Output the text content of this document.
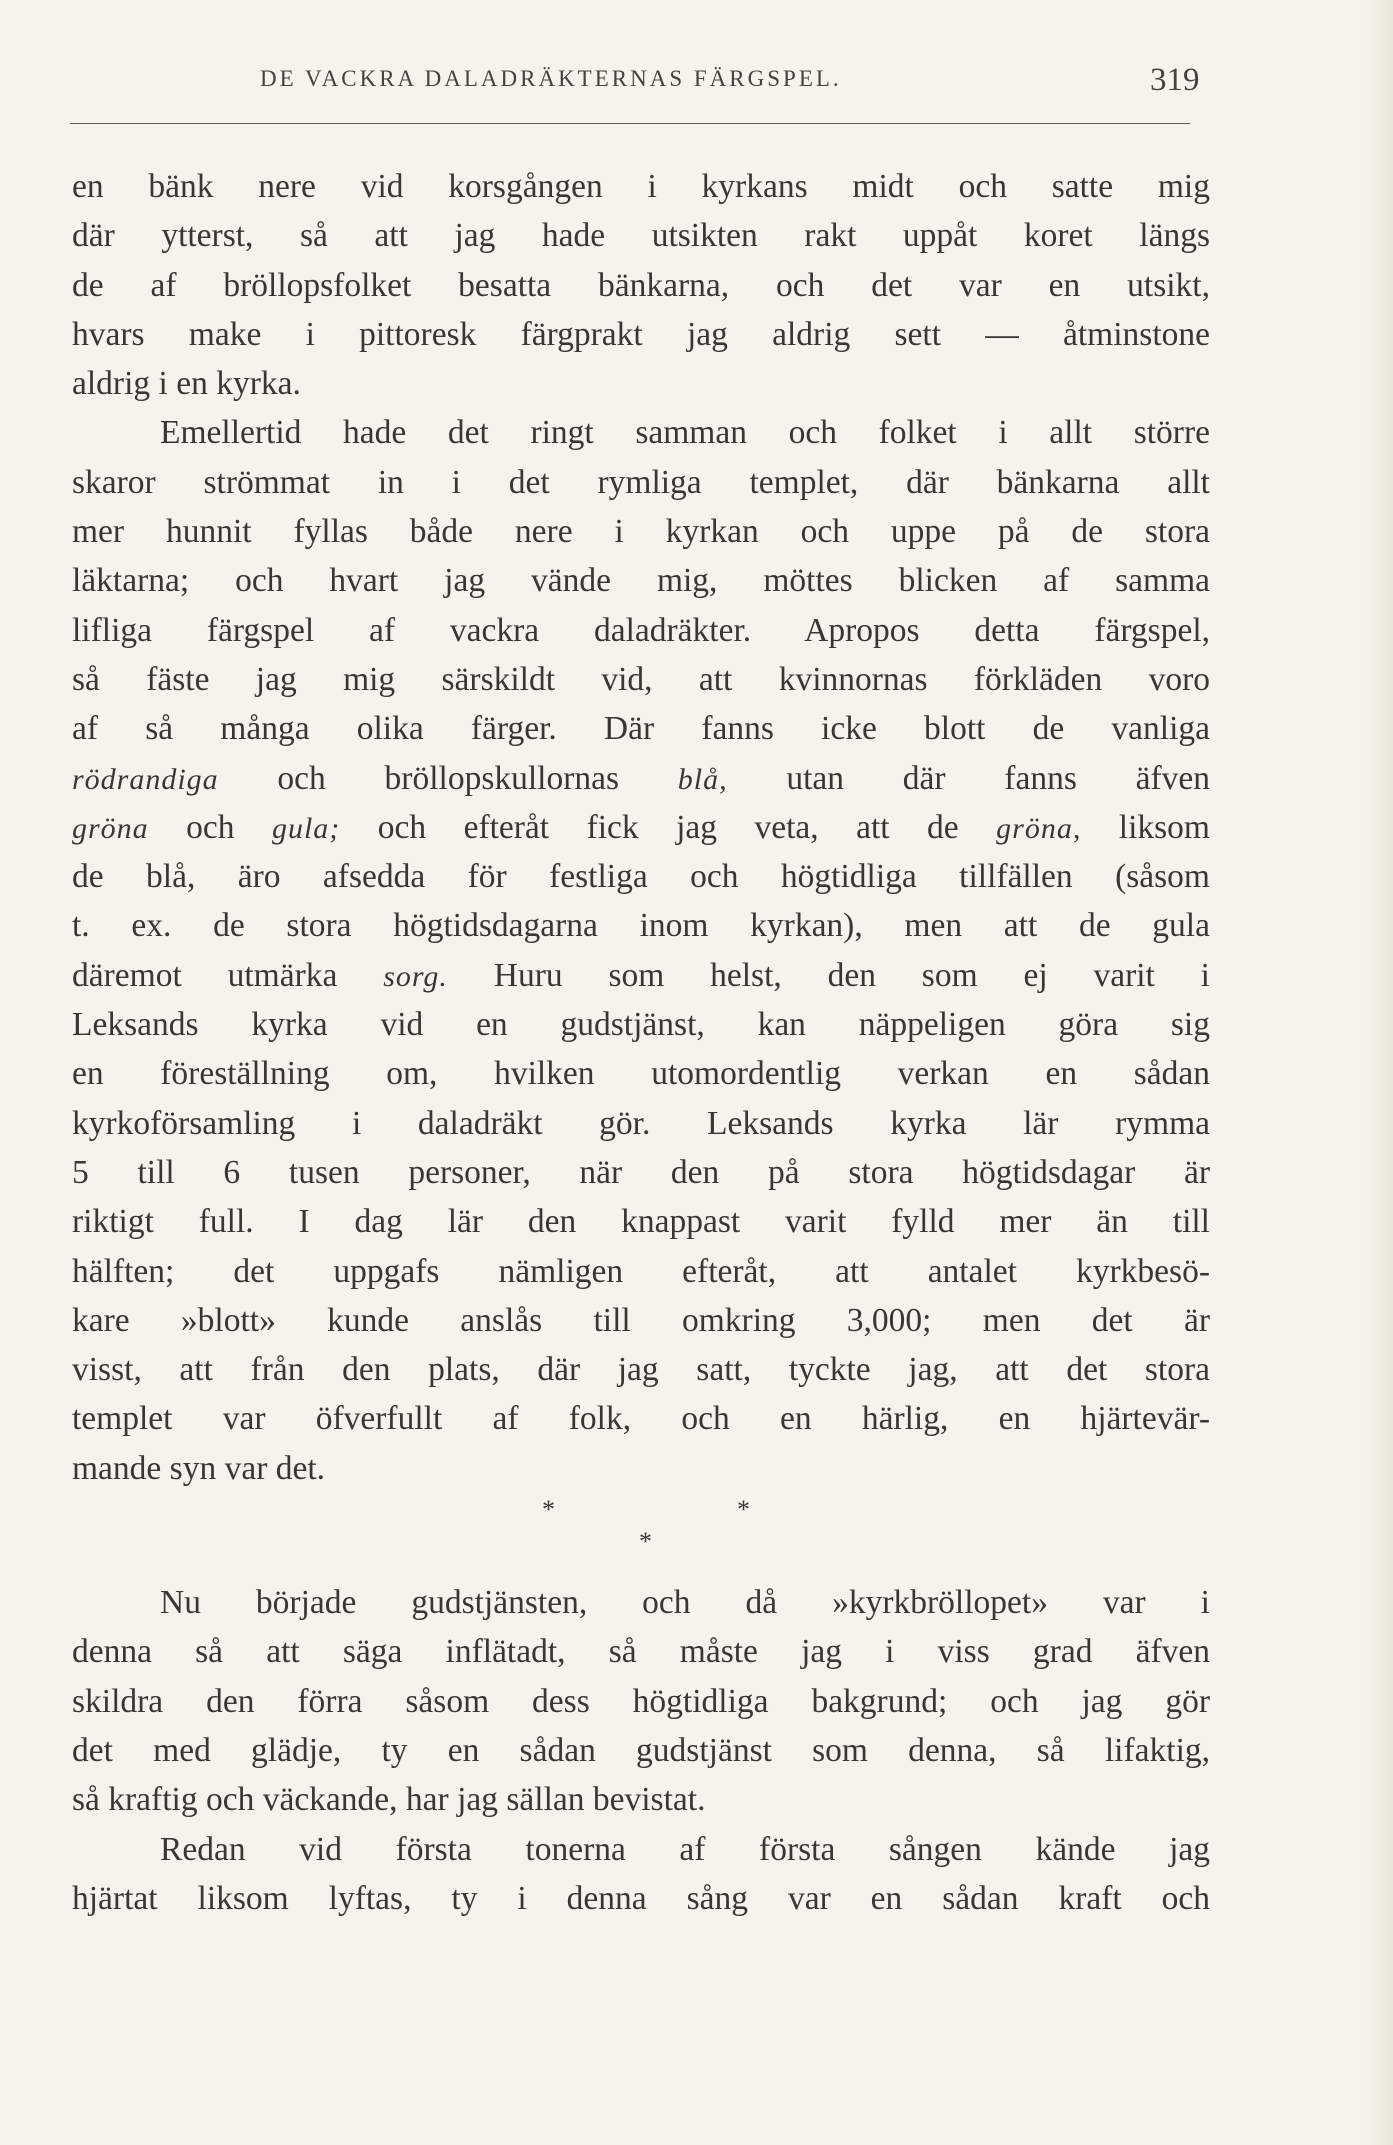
DE VACKRA DALADRÄKTERNAS FÄRGSPEL.	319
en bänk nere vid korsgången i kyrkans midt och satte mig
där ytterst, så att jag hade utsikten rakt uppåt koret längs
de af bröllopsfolket besatta bänkarna, och det var en utsikt,
hvars make i pittoresk färgprakt jag aldrig sett — åtminstone
aldrig i en kyrka.
Emellertid hade det ringt samman och folket i allt större
skaror strömmat in i det rymliga templet, där bänkarna allt
mer hunnit fyllas både nere i kyrkan och uppe på de stora
läktarna; och hvart jag vände mig, möttes blicken af samma
lifliga färgspel af vackra daladräkter. Apropos detta färgspel,
så fäste jag mig särskildt vid, att kvinnornas förkläden voro
af så många olika färger. Där fanns icke blott de vanliga
rödrandiga och bröllopskullornas blå, utan där fanns äfven
gröna och gula; och efteråt fick jag veta, att de gröna, liksom
de blå, äro afsedda för festliga och högtidliga tillfällen (såsom
t. ex. de stora högtidsdagarna inom kyrkan), men att de gula
däremot utmärka sorg. Huru som helst, den som ej varit i
Leksands kyrka vid en gudstjänst, kan näppeligen göra sig
en föreställning om, hvilken utomordentlig verkan en sådan
kyrkoförsamling i daladräkt gör. Leksands kyrka lär rymma
5 till 6 tusen personer, när den på stora högtidsdagar är
riktigt full. I dag lär den knappast varit fylld mer än till
hälften; det uppgafs nämligen efteråt, att antalet kyrkbesö-
kare »blott» kunde anslås till omkring 3,000; men det är
visst, att från den plats, där jag satt, tyckte jag, att det stora
templet var öfverfullt af folk, och en härlig, en hjärtevär-
mande syn var det.
*	*
*
Nu började gudstjänsten, och då »kyrkbröllopet» var i
denna så att säga inflätadt, så måste jag i viss grad äfven
skildra den förra såsom dess högtidliga bakgrund; och jag gör
det med glädje, ty en sådan gudstjänst som denna, så lifaktig,
så kraftig och väckande, har jag sällan bevistat.
Redan vid första tonerna af första sången kände jag
hjärtat liksom lyftas, ty i denna sång var en sådan kraft och
